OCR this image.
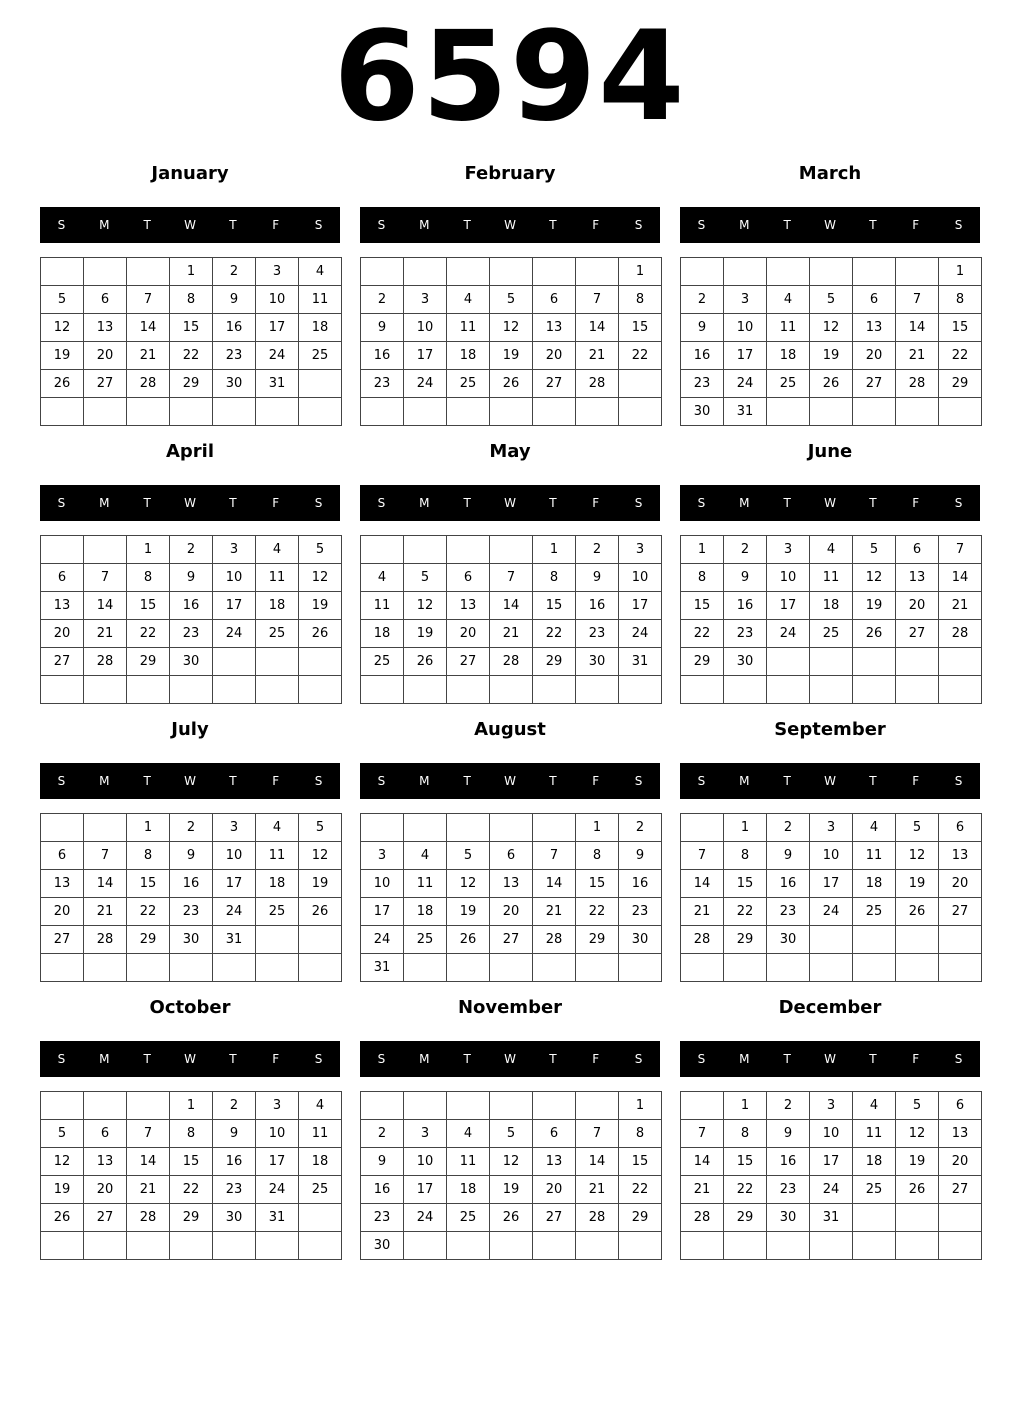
6594
January
S	M	T	W	T	F	S
			1	2	3	4
5	6	7	8	9	10	11
12	13	14	15	16	17	18
19	20	21	22	23	24	25
26	27	28	29	30	31	

February
S	M	T	W	T	F	S
						1
2	3	4	5	6	7	8
9	10	11	12	13	14	15
16	17	18	19	20	21	22
23	24	25	26	27	28	

March
S	M	T	W	T	F	S
						1
2	3	4	5	6	7	8
9	10	11	12	13	14	15
16	17	18	19	20	21	22
23	24	25	26	27	28	29
30	31					
April
S	M	T	W	T	F	S
		1	2	3	4	5
6	7	8	9	10	11	12
13	14	15	16	17	18	19
20	21	22	23	24	25	26
27	28	29	30			

May
S	M	T	W	T	F	S
				1	2	3
4	5	6	7	8	9	10
11	12	13	14	15	16	17
18	19	20	21	22	23	24
25	26	27	28	29	30	31

June
S	M	T	W	T	F	S
1	2	3	4	5	6	7
8	9	10	11	12	13	14
15	16	17	18	19	20	21
22	23	24	25	26	27	28
29	30					

July
S	M	T	W	T	F	S
		1	2	3	4	5
6	7	8	9	10	11	12
13	14	15	16	17	18	19
20	21	22	23	24	25	26
27	28	29	30	31		

August
S	M	T	W	T	F	S
					1	2
3	4	5	6	7	8	9
10	11	12	13	14	15	16
17	18	19	20	21	22	23
24	25	26	27	28	29	30
31						
September
S	M	T	W	T	F	S
	1	2	3	4	5	6
7	8	9	10	11	12	13
14	15	16	17	18	19	20
21	22	23	24	25	26	27
28	29	30				

October
S	M	T	W	T	F	S
			1	2	3	4
5	6	7	8	9	10	11
12	13	14	15	16	17	18
19	20	21	22	23	24	25
26	27	28	29	30	31	

November
S	M	T	W	T	F	S
						1
2	3	4	5	6	7	8
9	10	11	12	13	14	15
16	17	18	19	20	21	22
23	24	25	26	27	28	29
30						
December
S	M	T	W	T	F	S
	1	2	3	4	5	6
7	8	9	10	11	12	13
14	15	16	17	18	19	20
21	22	23	24	25	26	27
28	29	30	31			
